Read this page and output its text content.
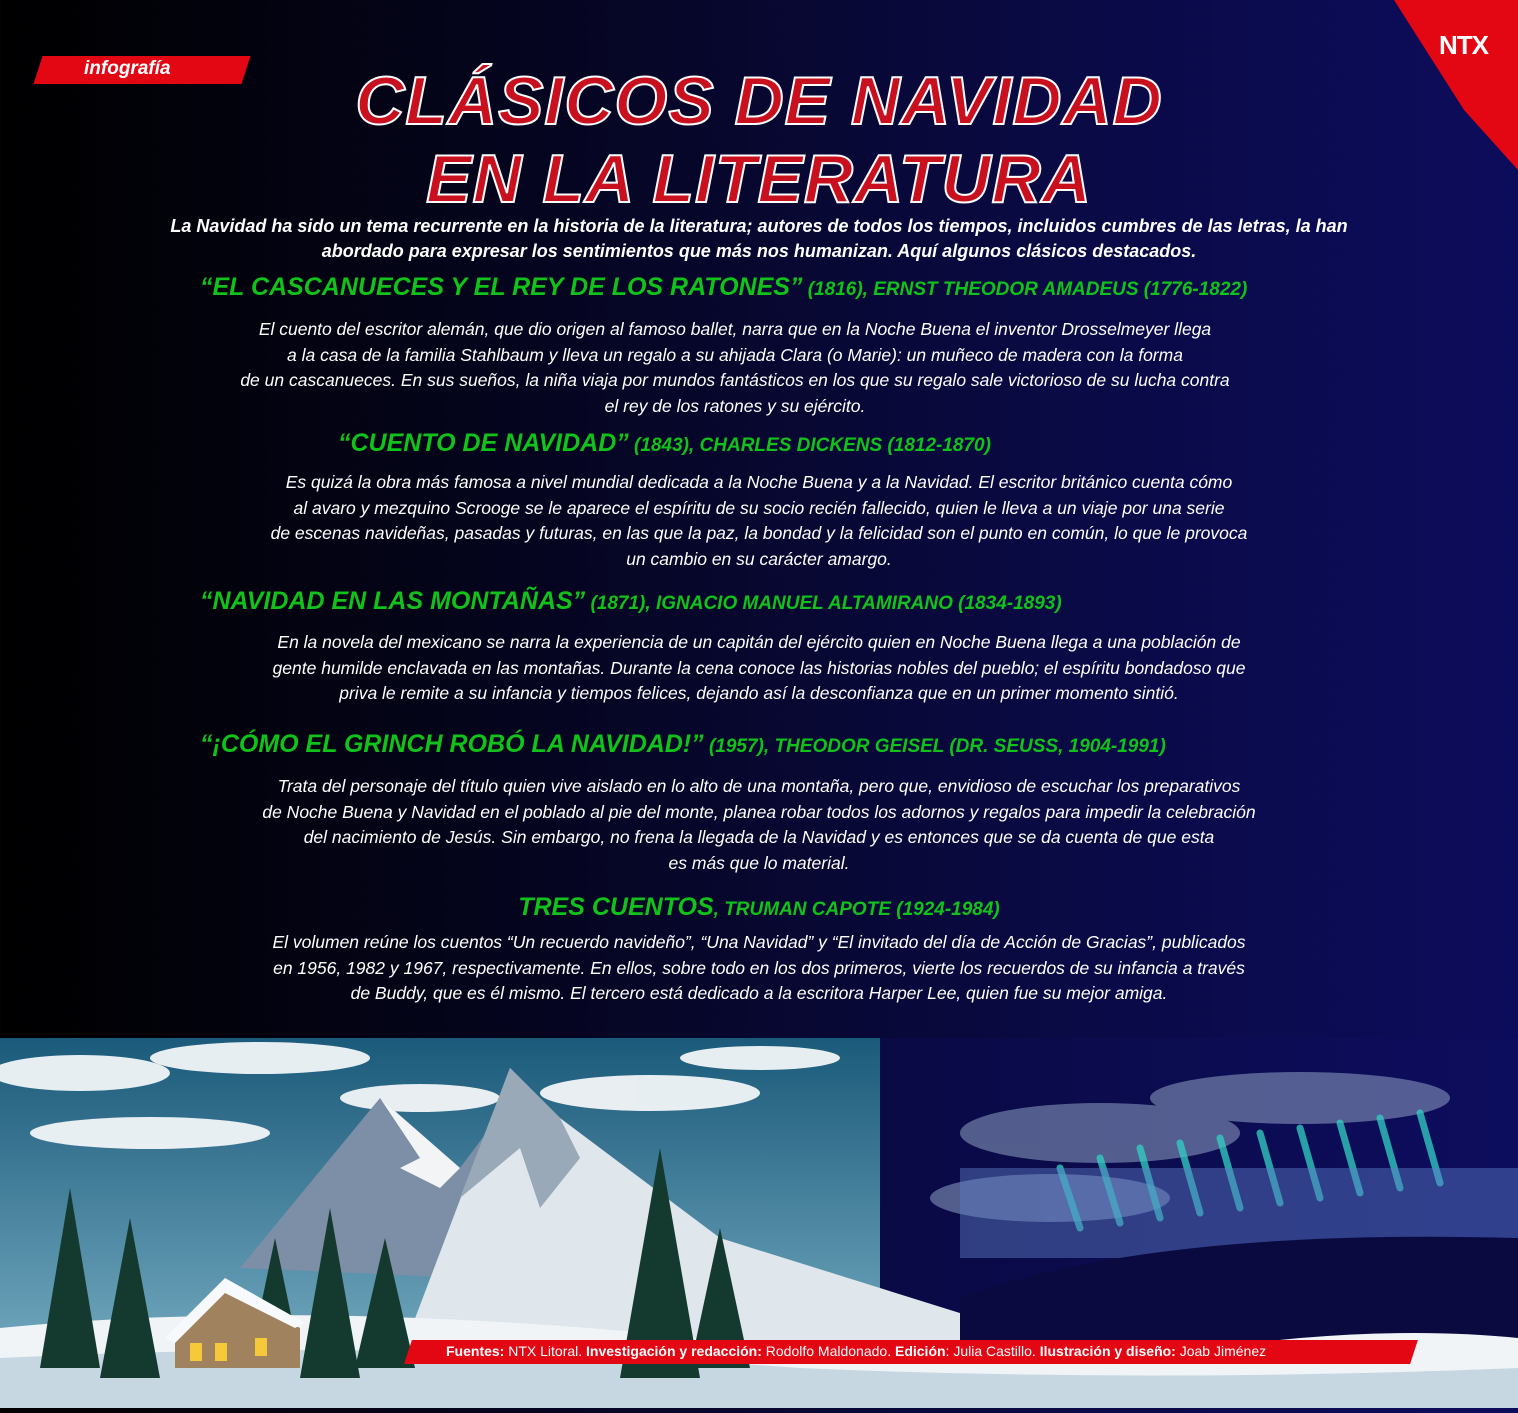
infografía
NTX
CLÁSICOS DE NAVIDAD
EN LA LITERATURA
La Navidad ha sido un tema recurrente en la historia de la literatura; autores de todos los tiempos, incluidos cumbres de las letras, la han abordado para expresar los sentimientos que más nos humanizan. Aquí algunos clásicos destacados.
“EL CASCANUECES Y EL REY DE LOS RATONES” (1816), ERNST THEODOR AMADEUS (1776-1822)
El cuento del escritor alemán, que dio origen al famoso ballet, narra que en la Noche Buena el inventor Drosselmeyer llega
a la casa de la familia Stahlbaum y lleva un regalo a su ahijada Clara (o Marie): un muñeco de madera con la forma
de un cascanueces. En sus sueños, la niña viaja por mundos fantásticos en los que su regalo sale victorioso de su lucha contra
el rey de los ratones y su ejército.
“CUENTO DE NAVIDAD” (1843), CHARLES DICKENS (1812-1870)
Es quizá la obra más famosa a nivel mundial dedicada a la Noche Buena y a la Navidad. El escritor británico cuenta cómo
al avaro y mezquino Scrooge se le aparece el espíritu de su socio recién fallecido, quien le lleva a un viaje por una serie
de escenas navideñas, pasadas y futuras, en las que la paz, la bondad y la felicidad son el punto en común, lo que le provoca
un cambio en su carácter amargo.
“NAVIDAD EN LAS MONTAÑAS” (1871), IGNACIO MANUEL ALTAMIRANO (1834-1893)
En la novela del mexicano se narra la experiencia de un capitán del ejército quien en Noche Buena llega a una población de
gente humilde enclavada en las montañas. Durante la cena conoce las historias nobles del pueblo; el espíritu bondadoso que
priva le remite a su infancia y tiempos felices, dejando así la desconfianza que en un primer momento sintió.
“¡CÓMO EL GRINCH ROBÓ LA NAVIDAD!” (1957), THEODOR GEISEL (DR. SEUSS, 1904-1991)
Trata del personaje del título quien vive aislado en lo alto de una montaña, pero que, envidioso de escuchar los preparativos
de Noche Buena y Navidad en el poblado al pie del monte, planea robar todos los adornos y regalos para impedir la celebración
del nacimiento de Jesús. Sin embargo, no frena la llegada de la Navidad y es entonces que se da cuenta de que esta
es más que lo material.
TRES CUENTOS, TRUMAN CAPOTE (1924-1984)
El volumen reúne los cuentos “Un recuerdo navideño”, “Una Navidad” y “El invitado del día de Acción de Gracias”, publicados
en 1956, 1982 y 1967, respectivamente. En ellos, sobre todo en los dos primeros, vierte los recuerdos de su infancia a través
de Buddy, que es él mismo. El tercero está dedicado a la escritora Harper Lee, quien fue su mejor amiga.
Fuentes: NTX Litoral. Investigación y redacción: Rodolfo Maldonado. Edición: Julia Castillo. Ilustración y diseño: Joab Jiménez
